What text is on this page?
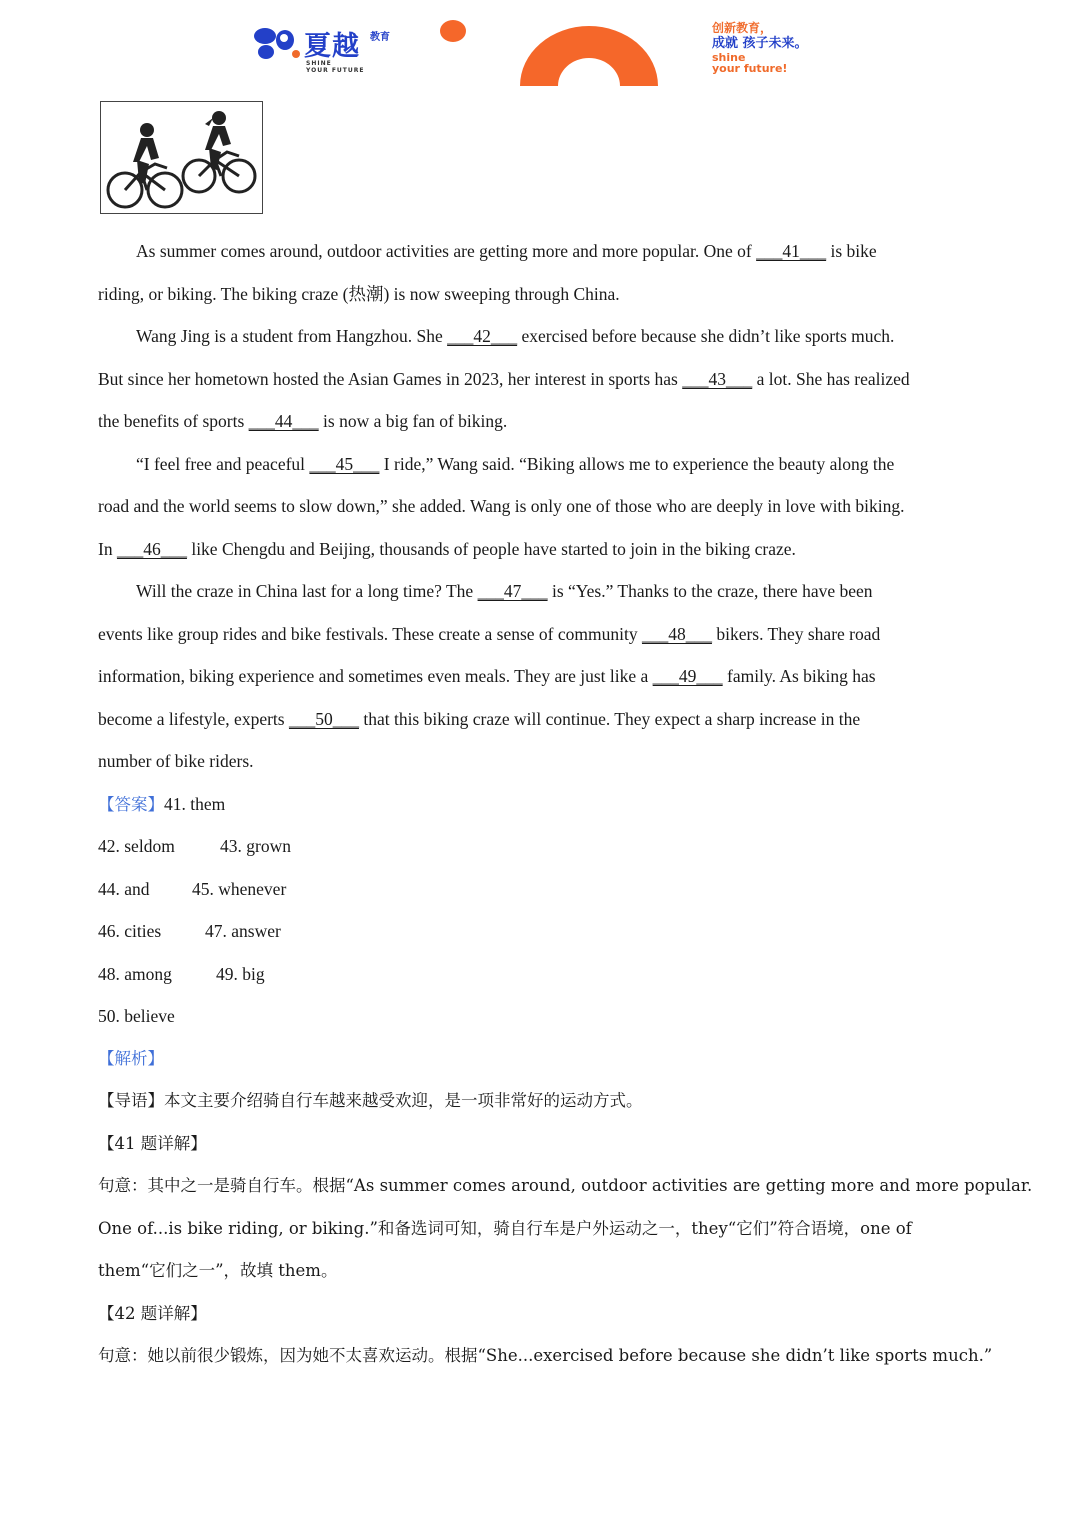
夏越 教育
SHINE
YOUR FUTURE
创新教育，
成就 孩子未来。
shine
your future!
As summer comes around, outdoor activities are getting more and more popular. One of ___41___ is bike
riding, or biking. The biking craze (热潮) is now sweeping through China.
Wang Jing is a student from Hangzhou. She ___42___ exercised before because she didn’t like sports much.
But since her hometown hosted the Asian Games in 2023, her interest in sports has ___43___ a lot. She has realized
the benefits of sports ___44___ is now a big fan of biking.
“I feel free and peaceful ___45___ I ride,” Wang said. “Biking allows me to experience the beauty along the
road and the world seems to slow down,” she added. Wang is only one of those who are deeply in love with biking.
In ___46___ like Chengdu and Beijing, thousands of people have started to join in the biking craze.
Will the craze in China last for a long time? The ___47___ is “Yes.” Thanks to the craze, there have been
events like group rides and bike festivals. These create a sense of community ___48___ bikers. They share road
information, biking experience and sometimes even meals. They are just like a ___49___ family. As biking has
become a lifestyle, experts ___50___ that this biking craze will continue. They expect a sharp increase in the
number of bike riders.
【答案】41. them
42. seldom	43. grown
44. and 45. whenever
46. cities	47. answer
48. among	49. big
50. believe
【解析】
【导语】本文主要介绍骑自行车越来越受欢迎，是一项非常好的运动方式。
【41 题详解】
句意：其中之一是骑自行车。根据“As summer comes around, outdoor activities are getting more and more popular.
One of...is bike riding, or biking.”和备选词可知，骑自行车是户外运动之一，they“它们”符合语境，one of
them“它们之一”，故填 them。
【42 题详解】
句意：她以前很少锻炼，因为她不太喜欢运动。根据“She...exercised before because she didn’t like sports much.”
